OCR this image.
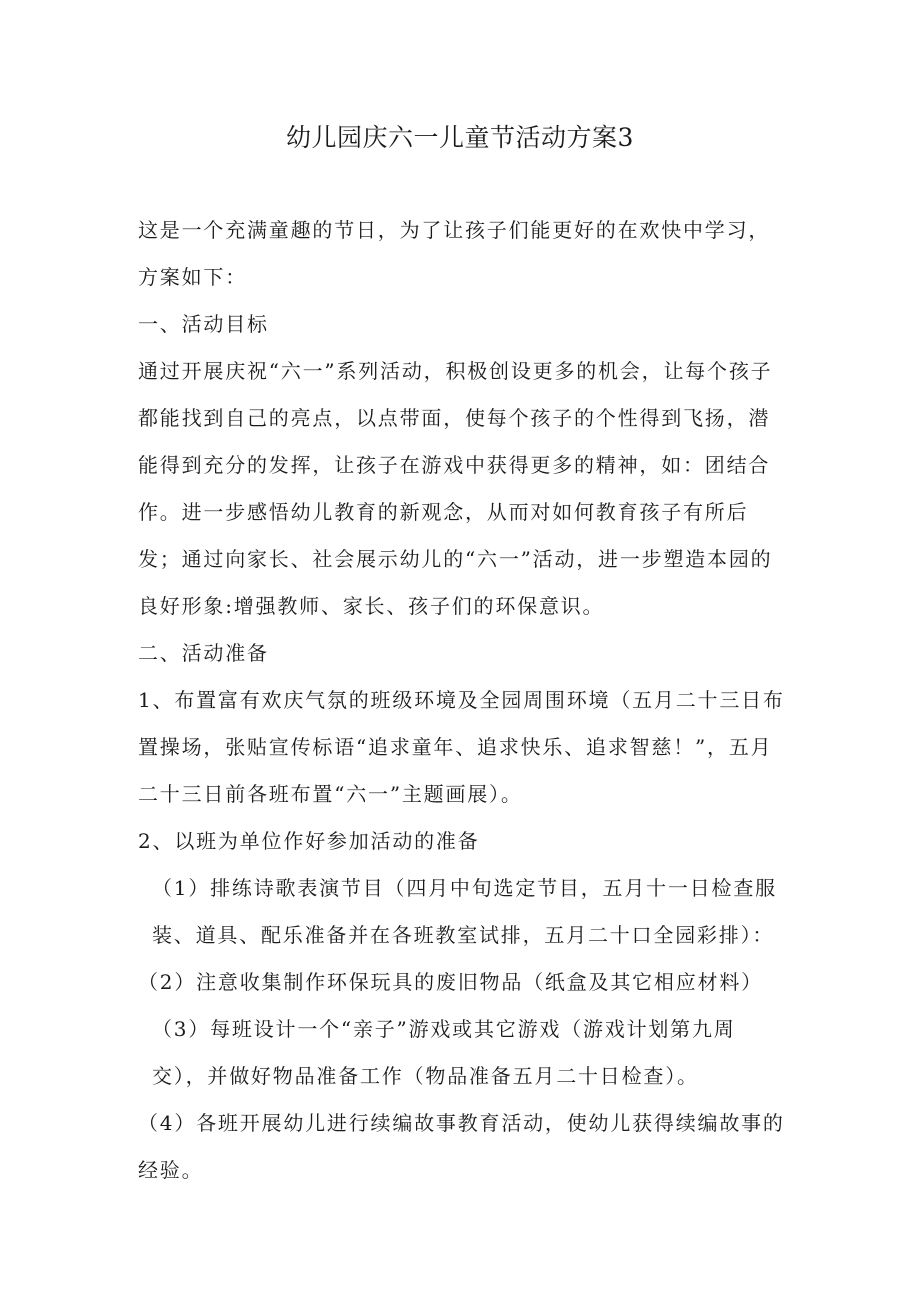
幼儿园庆六一儿童节活动方案3

这是一个充满童趣的节日，为了让孩子们能更好的在欢快中学习，方案如下：

一、活动目标

通过开展庆祝“六一”系列活动，积极创设更多的机会，让每个孩子都能找到自己的亮点，以点带面，使每个孩子的个性得到飞扬，潜能得到充分的发挥，让孩子在游戏中获得更多的精神，如：团结合作。进一步感悟幼儿教育的新观念，从而对如何教育孩子有所后发；通过向家长、社会展示幼儿的“六一”活动，进一步塑造本园的良好形象:增强教师、家长、孩子们的环保意识。

二、活动准备

1、布置富有欢庆气氛的班级环境及全园周围环境（五月二十三日布置操场，张贴宣传标语“追求童年、追求快乐、追求智慈！”，五月二十三日前各班布置“六一”主题画展）。

2、以班为单位作好参加活动的准备

（1）排练诗歌表演节目（四月中旬选定节目，五月十一日检查服装、道具、配乐准备并在各班教室试排，五月二十口全园彩排）：

（2）注意收集制作环保玩具的废旧物品（纸盒及其它相应材料）

（3）每班设计一个“亲子”游戏或其它游戏（游戏计划第九周交），并做好物品准备工作（物品准备五月二十日检查）。

（4）各班开展幼儿进行续编故事教育活动，使幼儿获得续编故事的经验。
